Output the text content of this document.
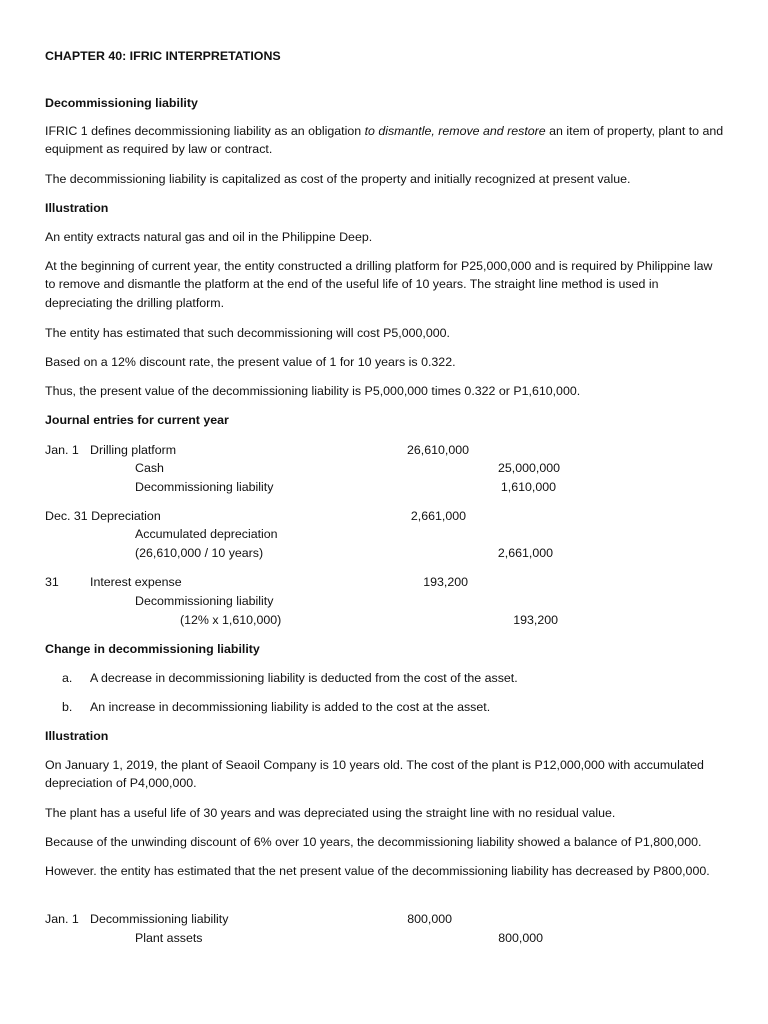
CHAPTER 40: IFRIC INTERPRETATIONS
Decommissioning liability
IFRIC 1 defines decommissioning liability as an obligation to dismantle, remove and restore an item of property, plant to and equipment as required by law or contract.
The decommissioning liability is capitalized as cost of the property and initially recognized at present value.
Illustration
An entity extracts natural gas and oil in the Philippine Deep.
At the beginning of current year, the entity constructed a drilling platform for P25,000,000 and is required by Philippine law to remove and dismantle the platform at the end of the useful life of 10 years. The straight line method is used in depreciating the drilling platform.
The entity has estimated that such decommissioning will cost P5,000,000.
Based on a 12% discount rate, the present value of 1 for 10 years is 0.322.
Thus, the present value of the decommissioning liability is P5,000,000 times 0.322 or P1,610,000.
Journal entries for current year
Jan. 1 Drilling platform	26,610,000
Cash	25,000,000
Decommissioning liability	1,610,000
Dec. 31 Depreciation	2,661,000
Accumulated depreciation
(26,610,000 / 10 years)	2,661,000
31	Interest expense	193,200
Decommissioning liability
(12% x 1,610,000)	193,200
Change in decommissioning liability
a. A decrease in decommissioning liability is deducted from the cost of the asset.
b. An increase in decommissioning liability is added to the cost at the asset.
Illustration
On January 1, 2019, the plant of Seaoil Company is 10 years old. The cost of the plant is P12,000,000 with accumulated depreciation of P4,000,000.
The plant has a useful life of 30 years and was depreciated using the straight line with no residual value.
Because of the unwinding discount of 6% over 10 years, the decommissioning liability showed a balance of P1,800,000.
However. the entity has estimated that the net present value of the decommissioning liability has decreased by P800,000.
Jan. 1 Decommissioning liability	800,000
Plant assets	800,000
